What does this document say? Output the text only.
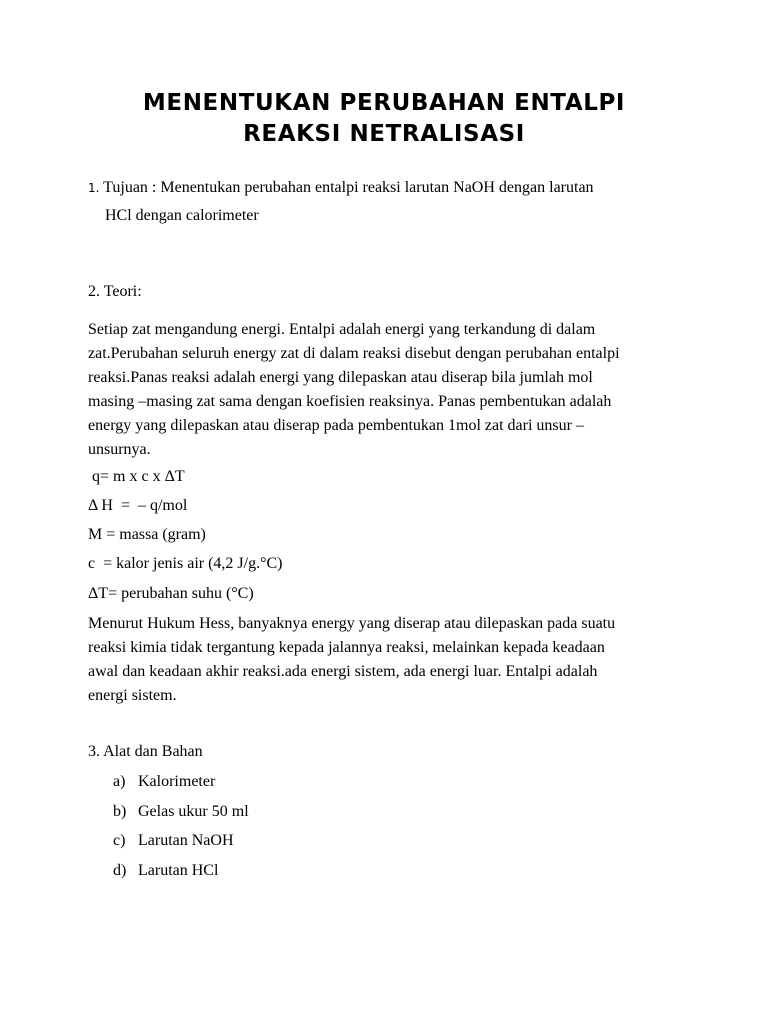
MENENTUKAN PERUBAHAN ENTALPI
REAKSI NETRALISASI
1. Tujuan : Menentukan perubahan entalpi reaksi larutan NaOH dengan larutan
HCl dengan calorimeter
2. Teori:
Setiap zat mengandung energi. Entalpi adalah energi yang terkandung di dalam
zat.Perubahan seluruh energy zat di dalam reaksi disebut dengan perubahan entalpi
reaksi.Panas reaksi adalah energi yang dilepaskan atau diserap bila jumlah mol
masing –masing zat sama dengan koefisien reaksinya. Panas pembentukan adalah
energy yang dilepaskan atau diserap pada pembentukan 1mol zat dari unsur –
unsurnya.
q= m x c x ΔT
Δ H  =  – q/mol
M = massa (gram)
c  = kalor jenis air (4,2 J/g.°C)
ΔT= perubahan suhu (°C)
Menurut Hukum Hess, banyaknya energy yang diserap atau dilepaskan pada suatu
reaksi kimia tidak tergantung kepada jalannya reaksi, melainkan kepada keadaan
awal dan keadaan akhir reaksi.ada energi sistem, ada energi luar. Entalpi adalah
energi sistem.
3. Alat dan Bahan
a) Kalorimeter
b) Gelas ukur 50 ml
c) Larutan NaOH
d) Larutan HCl
